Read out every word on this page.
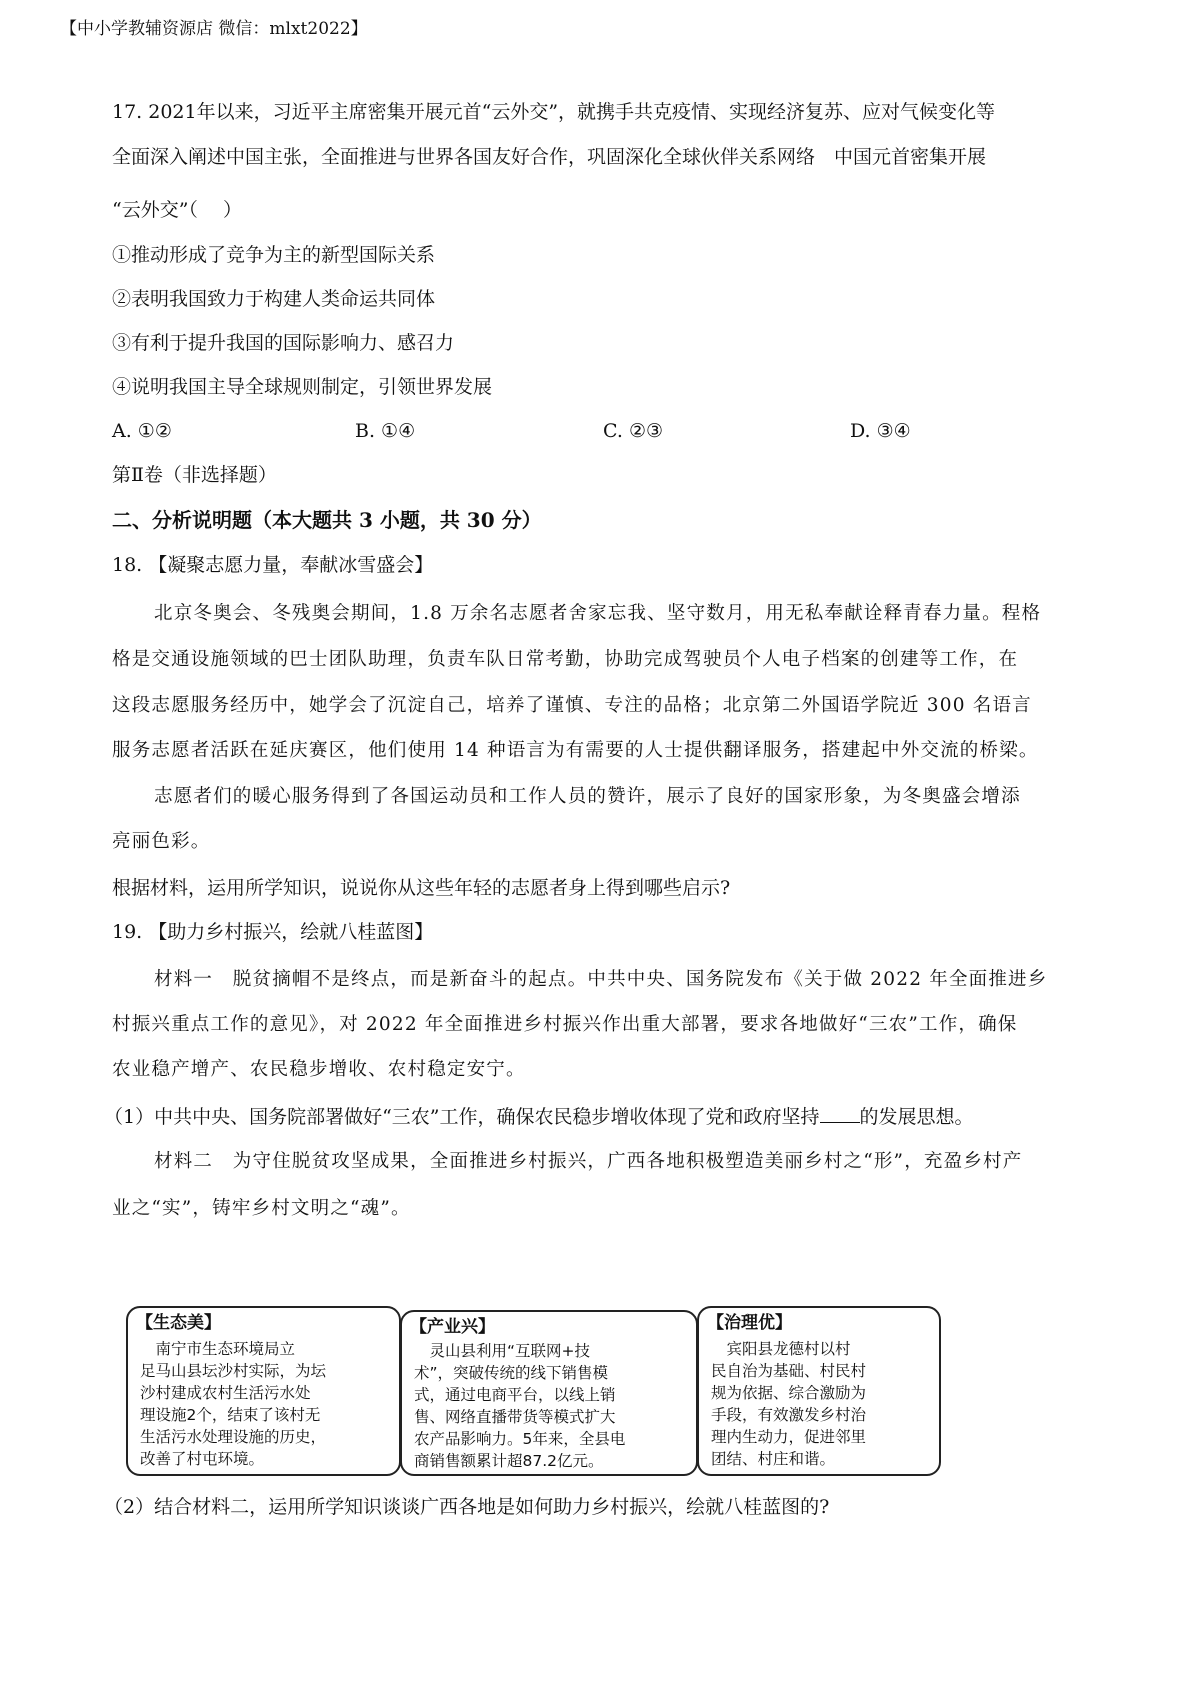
【中小学教辅资源店 微信：mlxt2022】
17. 2021年以来，习近平主席密集开展元首“云外交”，就携手共克疫情、实现经济复苏、应对气候变化等
全面深入阐述中国主张，全面推进与世界各国友好合作，巩固深化全球伙伴关系网络　中国元首密集开展
“云外交”（　 ）
①推动形成了竞争为主的新型国际关系
②表明我国致力于构建人类命运共同体
③有利于提升我国的国际影响力、感召力
④说明我国主导全球规则制定，引领世界发展
A. ①②	B. ①④	C. ②③	D. ③④
第Ⅱ卷（非选择题）
二、分析说明题（本大题共 3 小题，共 30 分）
18. 【凝聚志愿力量，奉献冰雪盛会】
北京冬奥会、冬残奥会期间，1.8 万余名志愿者舍家忘我、坚守数月，用无私奉献诠释青春力量。程格
格是交通设施领域的巴士团队助理，负责车队日常考勤，协助完成驾驶员个人电子档案的创建等工作，在
这段志愿服务经历中，她学会了沉淀自己，培养了谨慎、专注的品格；北京第二外国语学院近 300 名语言
服务志愿者活跃在延庆赛区，他们使用 14 种语言为有需要的人士提供翻译服务，搭建起中外交流的桥梁。
志愿者们的暖心服务得到了各国运动员和工作人员的赞许，展示了良好的国家形象，为冬奥盛会增添
亮丽色彩。
根据材料，运用所学知识，说说你从这些年轻的志愿者身上得到哪些启示?
19. 【助力乡村振兴，绘就八桂蓝图】
材料一　脱贫摘帽不是终点，而是新奋斗的起点。中共中央、国务院发布《关于做 2022 年全面推进乡
村振兴重点工作的意见》，对 2022 年全面推进乡村振兴作出重大部署，要求各地做好“三农”工作，确保
农业稳产增产、农民稳步增收、农村稳定安宁。
（1）中共中央、国务院部署做好“三农”工作，确保农民稳步增收体现了党和政府坚持 的发展思想。
材料二　为守住脱贫攻坚成果，全面推进乡村振兴，广西各地积极塑造美丽乡村之“形”，充盈乡村产
业之“实”，铸牢乡村文明之“魂”。
【生态美】
　南宁市生态环境局立
足马山县坛沙村实际，为坛
沙村建成农村生活污水处
理设施2个，结束了该村无
生活污水处理设施的历史，
改善了村屯环境。
【产业兴】
　灵山县利用“互联网+技
术”，突破传统的线下销售模
式，通过电商平台，以线上销
售、网络直播带货等模式扩大
农产品影响力。5年来，全县电
商销售额累计超87.2亿元。
【治理优】
　宾阳县龙德村以村
民自治为基础、村民村
规为依据、综合激励为
手段，有效激发乡村治
理内生动力，促进邻里
团结、村庄和谐。
（2）结合材料二，运用所学知识谈谈广西各地是如何助力乡村振兴，绘就八桂蓝图的?
